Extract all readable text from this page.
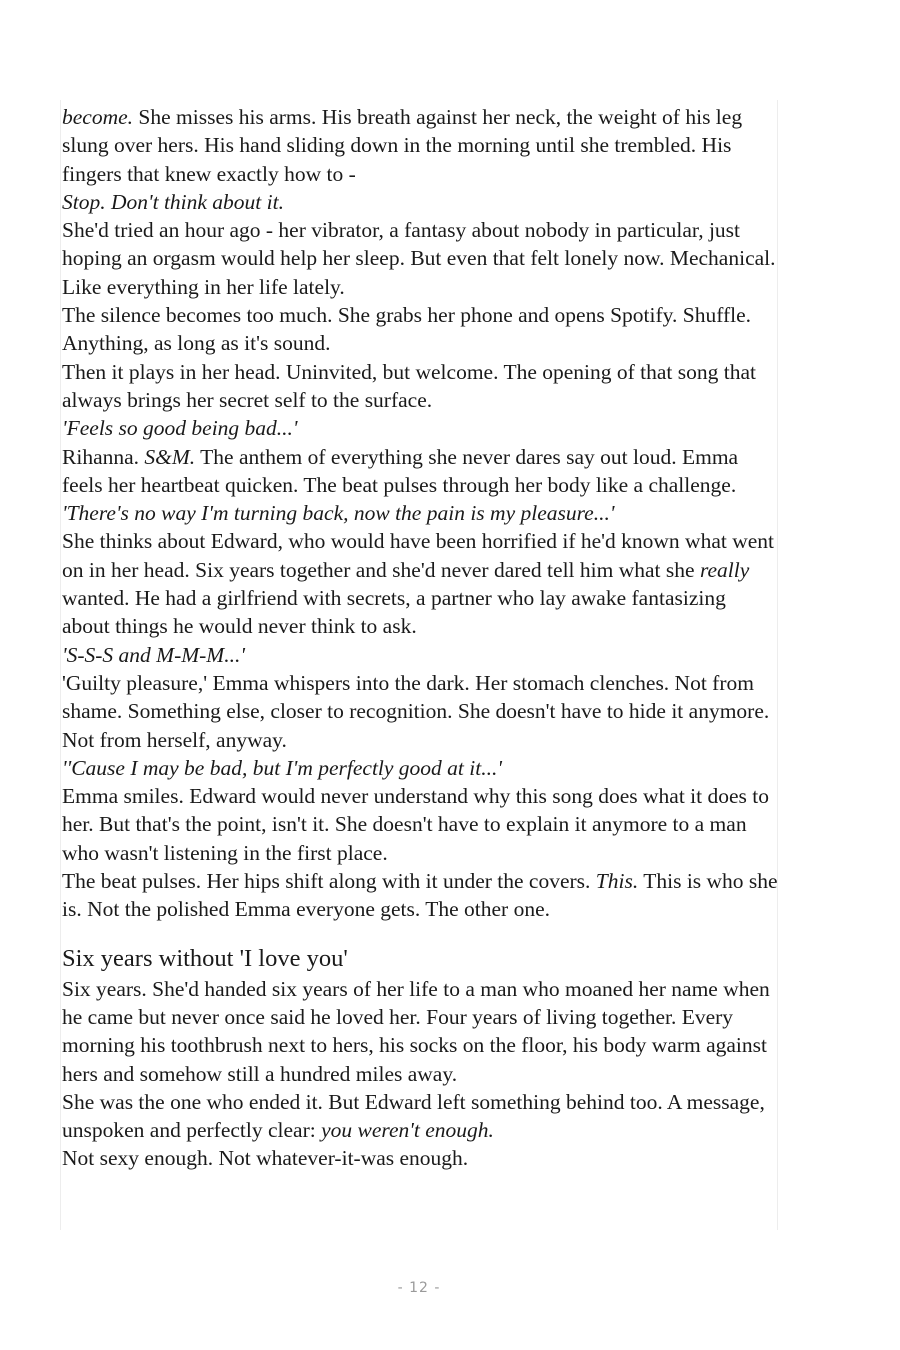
become. She misses his arms. His breath against her neck, the weight of his leg slung over hers. His hand sliding down in the morning until she trembled. His fingers that knew exactly how to -

Stop. Don't think about it.

She'd tried an hour ago - her vibrator, a fantasy about nobody in particular, just hoping an orgasm would help her sleep. But even that felt lonely now. Mechanical. Like everything in her life lately.

The silence becomes too much. She grabs her phone and opens Spotify. Shuffle. Anything, as long as it's sound.

Then it plays in her head. Uninvited, but welcome. The opening of that song that always brings her secret self to the surface.

'Feels so good being bad...'

Rihanna. S&M. The anthem of everything she never dares say out loud. Emma feels her heartbeat quicken. The beat pulses through her body like a challenge. 'There's no way I'm turning back, now the pain is my pleasure...'

She thinks about Edward, who would have been horrified if he'd known what went on in her head. Six years together and she'd never dared tell him what she really wanted. He had a girlfriend with secrets, a partner who lay awake fantasizing about things he would never think to ask.

'S-S-S and M-M-M...'

'Guilty pleasure,' Emma whispers into the dark. Her stomach clenches. Not from shame. Something else, closer to recognition. She doesn't have to hide it anymore. Not from herself, anyway.

''Cause I may be bad, but I'm perfectly good at it...'

Emma smiles. Edward would never understand why this song does what it does to her. But that's the point, isn't it. She doesn't have to explain it anymore to a man who wasn't listening in the first place.

The beat pulses. Her hips shift along with it under the covers. This. This is who she is. Not the polished Emma everyone gets. The other one.

Six years without 'I love you'

Six years. She'd handed six years of her life to a man who moaned her name when he came but never once said he loved her. Four years of living together. Every morning his toothbrush next to hers, his socks on the floor, his body warm against hers and somehow still a hundred miles away.

She was the one who ended it. But Edward left something behind too. A message, unspoken and perfectly clear: you weren't enough.

Not sexy enough. Not whatever-it-was enough.

- 12 -
